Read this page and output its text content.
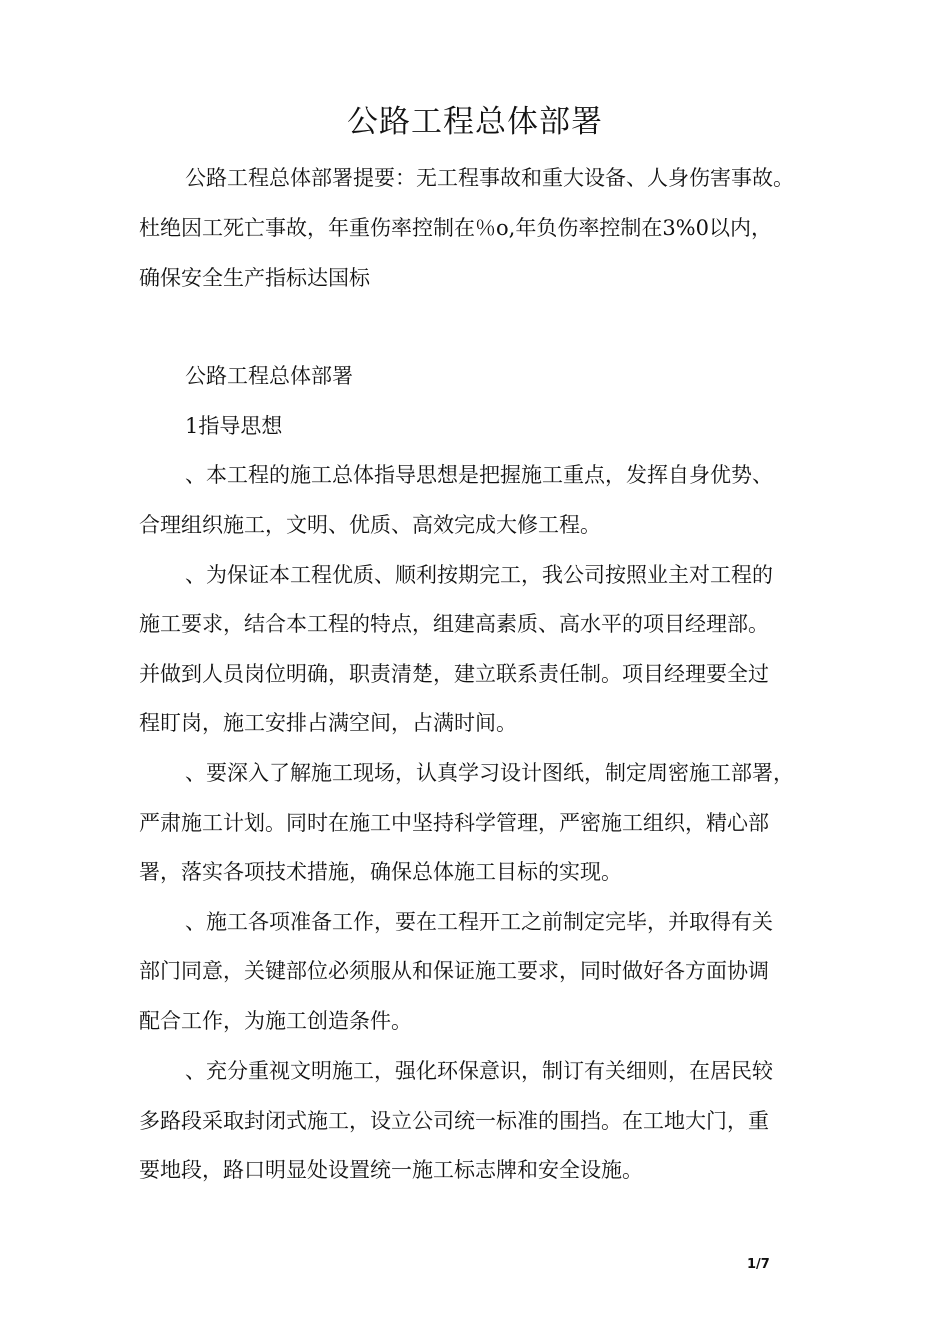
公路工程总体部署
公路工程总体部署提要：无工程事故和重大设备、人身伤害事故。
杜绝因工死亡事故，年重伤率控制在％o,年负伤率控制在3%0以内，
确保安全生产指标达国标
公路工程总体部署
1指导思想
、本工程的施工总体指导思想是把握施工重点，发挥自身优势、
合理组织施工，文明、优质、高效完成大修工程。
、为保证本工程优质、顺利按期完工，我公司按照业主对工程的
施工要求，结合本工程的特点，组建高素质、高水平的项目经理部。
并做到人员岗位明确，职责清楚，建立联系责任制。项目经理要全过
程盯岗，施工安排占满空间，占满时间。
、要深入了解施工现场，认真学习设计图纸，制定周密施工部署，
严肃施工计划。同时在施工中坚持科学管理，严密施工组织，精心部
署，落实各项技术措施，确保总体施工目标的实现。
、施工各项准备工作，要在工程开工之前制定完毕，并取得有关
部门同意，关键部位必须服从和保证施工要求，同时做好各方面协调
配合工作，为施工创造条件。
、充分重视文明施工，强化环保意识，制订有关细则，在居民较
多路段采取封闭式施工，设立公司统一标准的围挡。在工地大门，重
要地段，路口明显处设置统一施工标志牌和安全设施。
1/7
